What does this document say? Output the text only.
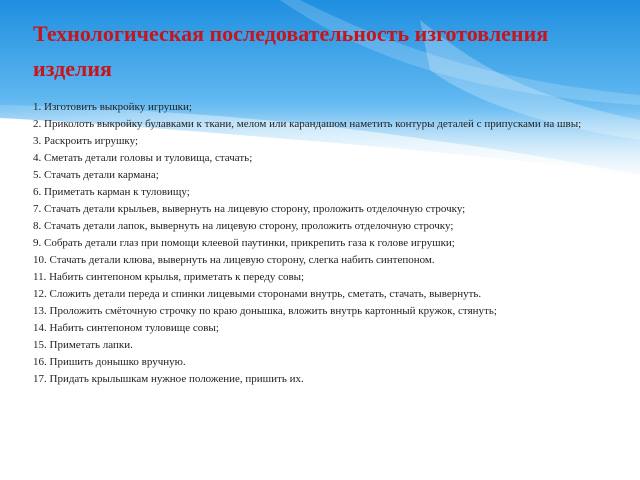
Технологическая последовательность изготовления изделия
1. Изготовить выкройку игрушки;
2. Приколоть выкройку булавками к ткани, мелом или карандашом наметить контуры деталей с припусками на швы;
3. Раскроить игрушку;
4. Сметать детали головы и туловища, стачать;
5. Стачать детали кармана;
6. Приметать карман к туловищу;
7. Стачать детали крыльев, вывернуть на лицевую сторону, проложить отделочную строчку;
8. Стачать детали лапок, вывернуть на лицевую сторону, проложить отделочную строчку;
9. Собрать детали глаз при помощи клеевой паутинки, прикрепить газа к голове игрушки;
10. Стачать детали клюва, вывернуть на лицевую сторону, слегка набить синтепоном.
11. Набить синтепоном крылья, приметать к переду совы;
12. Сложить детали переда и спинки лицевыми сторонами внутрь, сметать, стачать, вывернуть.
13. Проложить смёточную строчку по краю донышка, вложить внутрь картонный кружок, стянуть;
14. Набить синтепоном туловище совы;
15. Приметать лапки.
16. Пришить донышко вручную.
17. Придать крылышкам нужное положение, пришить их.
